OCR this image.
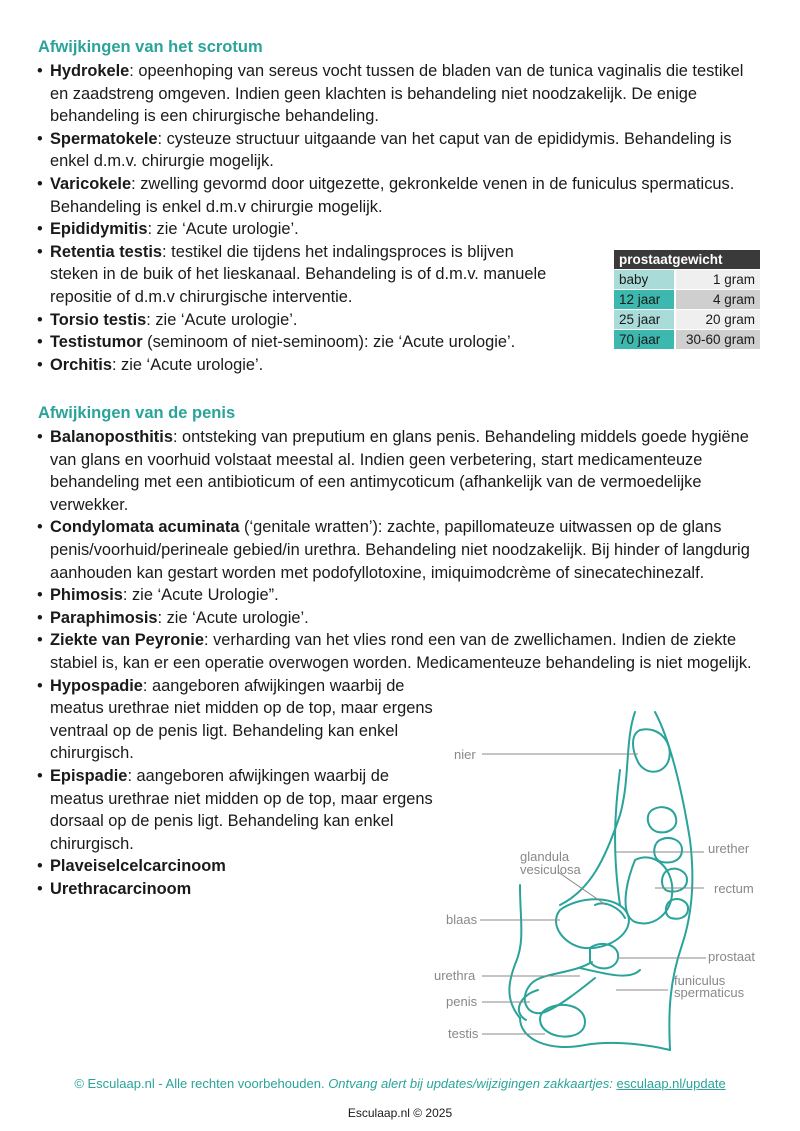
Afwijkingen van het scrotum
• Hydrokele: opeenhoping van sereus vocht tussen de bladen van de tunica vaginalis die testikel en zaadstreng omgeven. Indien geen klachten is behandeling niet noodzakelijk. De enige behandeling is een chirurgische behandeling.
• Spermatokele: cysteuze structuur uitgaande van het caput van de epididymis. Behandeling is enkel d.m.v. chirurgie mogelijk.
• Varicokele: zwelling gevormd door uitgezette, gekronkelde venen in de funiculus spermaticus. Behandeling is enkel d.m.v chirurgie mogelijk.
• Epididymitis: zie ‘Acute urologie’.
• Retentia testis: testikel die tijdens het indalingsproces is blijven steken in de buik of het lieskanaal. Behandeling is of d.m.v. manuele repositie of d.m.v chirurgische interventie.
• Torsio testis: zie ‘Acute urologie’.
• Testistumor (seminoom of niet-seminoom): zie ‘Acute urologie’.
• Orchitis: zie ‘Acute urologie’.
prostaatgewicht	
baby	1 gram
12 jaar	4 gram
25 jaar	20 gram
70 jaar	30-60 gram
Afwijkingen van de penis
• Balanoposthitis: ontsteking van preputium en glans penis. Behandeling middels goede hygiëne van glans en voorhuid volstaat meestal al. Indien geen verbetering, start medicamenteuze behandeling met een antibioticum of een antimycoticum (afhankelijk van de vermoedelijke verwekker.
• Condylomata acuminata (‘genitale wratten’): zachte, papillomateuze uitwassen op de glans penis/voorhuid/perineale gebied/in urethra. Behandeling niet noodzakelijk. Bij hinder of langdurig aanhouden kan gestart worden met podofyllotoxine, imiquimodcrème of sinecatechinezalf.
• Phimosis: zie ‘Acute Urologie”.
• Paraphimosis: zie ‘Acute urologie’.
• Ziekte van Peyronie: verharding van het vlies rond een van de zwellichamen. Indien de ziekte stabiel is, kan er een operatie overwogen worden. Medicamenteuze behandeling is niet mogelijk.
• Hypospadie: aangeboren afwijkingen waarbij de meatus urethrae niet midden op de top, maar ergens ventraal op de penis ligt. Behandeling kan enkel chirurgisch.
• Epispadie: aangeboren afwijkingen waarbij de meatus urethrae niet midden op de top, maar ergens dorsaal op de penis ligt. Behandeling kan enkel chirurgisch.
• Plaveiselcelcarcinoom
• Urethracarcinoom
nier
urether
glandula
vesiculosa
rectum
blaas
prostaat
urethra	funiculus
spermaticus
penis
testis
© Esculaap.nl - Alle rechten voorbehouden. Ontvang alert bij updates/wijzigingen zakkaartjes: esculaap.nl/update
Esculaap.nl © 2025
